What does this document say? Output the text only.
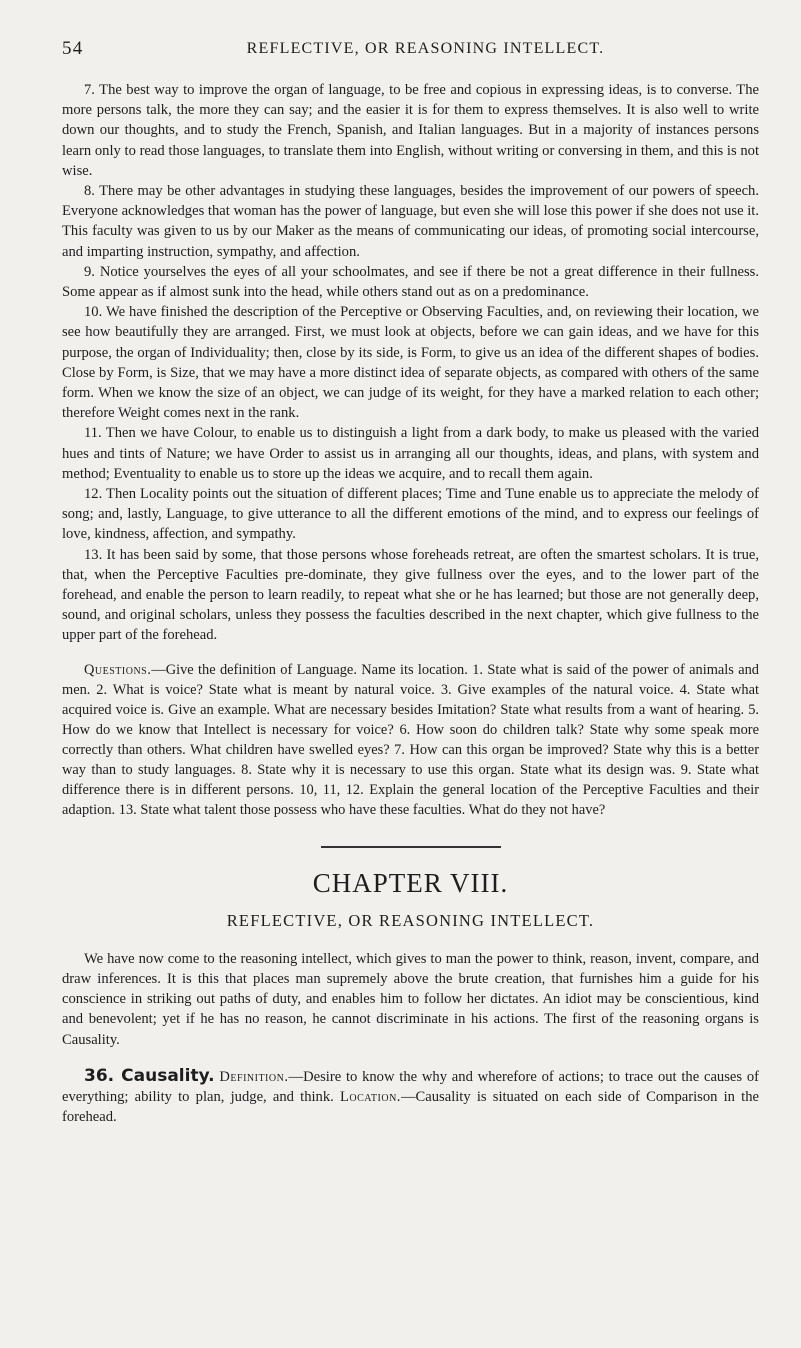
54	REFLECTIVE, OR REASONING INTELLECT.

7. The best way to improve the organ of language, to be free and copious in expressing ideas, is to converse. The more persons talk, the more they can say; and the easier it is for them to express themselves. It is also well to write down our thoughts, and to study the French, Spanish, and Italian languages. But in a majority of instances persons learn only to read those languages, to translate them into English, without writing or conversing in them, and this is not wise.

8. There may be other advantages in studying these languages, besides the improvement of our powers of speech. Everyone acknowledges that woman has the power of language, but even she will lose this power if she does not use it. This faculty was given to us by our Maker as the means of communicating our ideas, of promoting social intercourse, and imparting instruction, sympathy, and affection.

9. Notice yourselves the eyes of all your schoolmates, and see if there be not a great difference in their fullness. Some appear as if almost sunk into the head, while others stand out as on a predominance.

10. We have finished the description of the Perceptive or Observing Faculties, and, on reviewing their location, we see how beautifully they are arranged. First, we must look at objects, before we can gain ideas, and we have for this purpose, the organ of Individuality; then, close by its side, is Form, to give us an idea of the different shapes of bodies. Close by Form, is Size, that we may have a more distinct idea of separate objects, as compared with others of the same form. When we know the size of an object, we can judge of its weight, for they have a marked relation to each other; therefore Weight comes next in the rank.

11. Then we have Colour, to enable us to distinguish a light from a dark body, to make us pleased with the varied hues and tints of Nature; we have Order to assist us in arranging all our thoughts, ideas, and plans, with system and method; Eventuality to enable us to store up the ideas we acquire, and to recall them again.

12. Then Locality points out the situation of different places; Time and Tune enable us to appreciate the melody of song; and, lastly, Language, to give utterance to all the different emotions of the mind, and to express our feelings of love, kindness, affection, and sympathy.

13. It has been said by some, that those persons whose foreheads retreat, are often the smartest scholars. It is true, that, when the Perceptive Faculties pre-dominate, they give fullness over the eyes, and to the lower part of the forehead, and enable the person to learn readily, to repeat what she or he has learned; but those are not generally deep, sound, and original scholars, unless they possess the faculties described in the next chapter, which give fullness to the upper part of the forehead.

Questions.—Give the definition of Language. Name its location. 1. State what is said of the power of animals and men. 2. What is voice? State what is meant by natural voice. 3. Give examples of the natural voice. 4. State what acquired voice is. Give an example. What are necessary besides Imitation? State what results from a want of hearing. 5. How do we know that Intellect is necessary for voice? 6. How soon do children talk? State why some speak more correctly than others. What children have swelled eyes? 7. How can this organ be improved? State why this is a better way than to study languages. 8. State why it is necessary to use this organ. State what its design was. 9. State what difference there is in different persons. 10, 11, 12. Explain the general location of the Perceptive Faculties and their adaption. 13. State what talent those possess who have these faculties. What do they not have?
CHAPTER VIII.
REFLECTIVE, OR REASONING INTELLECT.
We have now come to the reasoning intellect, which gives to man the power to think, reason, invent, compare, and draw inferences. It is this that places man supremely above the brute creation, that furnishes him a guide for his conscience in striking out paths of duty, and enables him to follow her dictates. An idiot may be conscientious, kind and benevolent; yet if he has no reason, he cannot discriminate in his actions. The first of the reasoning organs is Causality.
36. Causality. Definition.—Desire to know the why and wherefore of actions; to trace out the causes of everything; ability to plan, judge, and think. Location.—Causality is situated on each side of Comparison in the forehead.
